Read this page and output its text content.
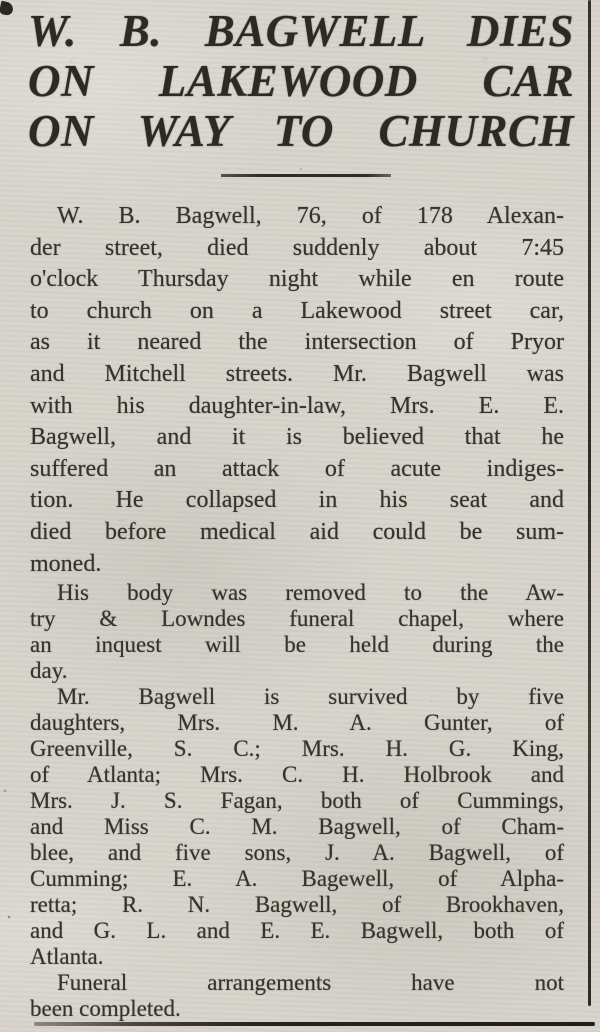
W. B. BAGWELL DIES
ON LAKEWOOD CAR
ON WAY TO CHURCH
W. B. Bagwell, 76, of 178 Alexan-
der street, died suddenly about 7:45
o'clock Thursday night while en route
to church on a Lakewood street car,
as it neared the intersection of Pryor
and Mitchell streets. Mr. Bagwell was
with his daughter-in-law, Mrs. E. E.
Bagwell, and it is believed that he
suffered an attack of acute indiges-
tion. He collapsed in his seat and
died before medical aid could be sum-
moned.
His body was removed to the Aw-
try & Lowndes funeral chapel, where
an inquest will be held during the
day.
Mr. Bagwell is survived by five
daughters, Mrs. M. A. Gunter, of
Greenville, S. C.; Mrs. H. G. King,
of Atlanta; Mrs. C. H. Holbrook and
Mrs. J. S. Fagan, both of Cummings,
and Miss C. M. Bagwell, of Cham-
blee, and five sons, J. A. Bagwell, of
Cumming; E. A. Bagewell, of Alpha-
retta; R. N. Bagwell, of Brookhaven,
and G. L. and E. E. Bagwell, both of
Atlanta.
Funeral arrangements have not
been completed.
